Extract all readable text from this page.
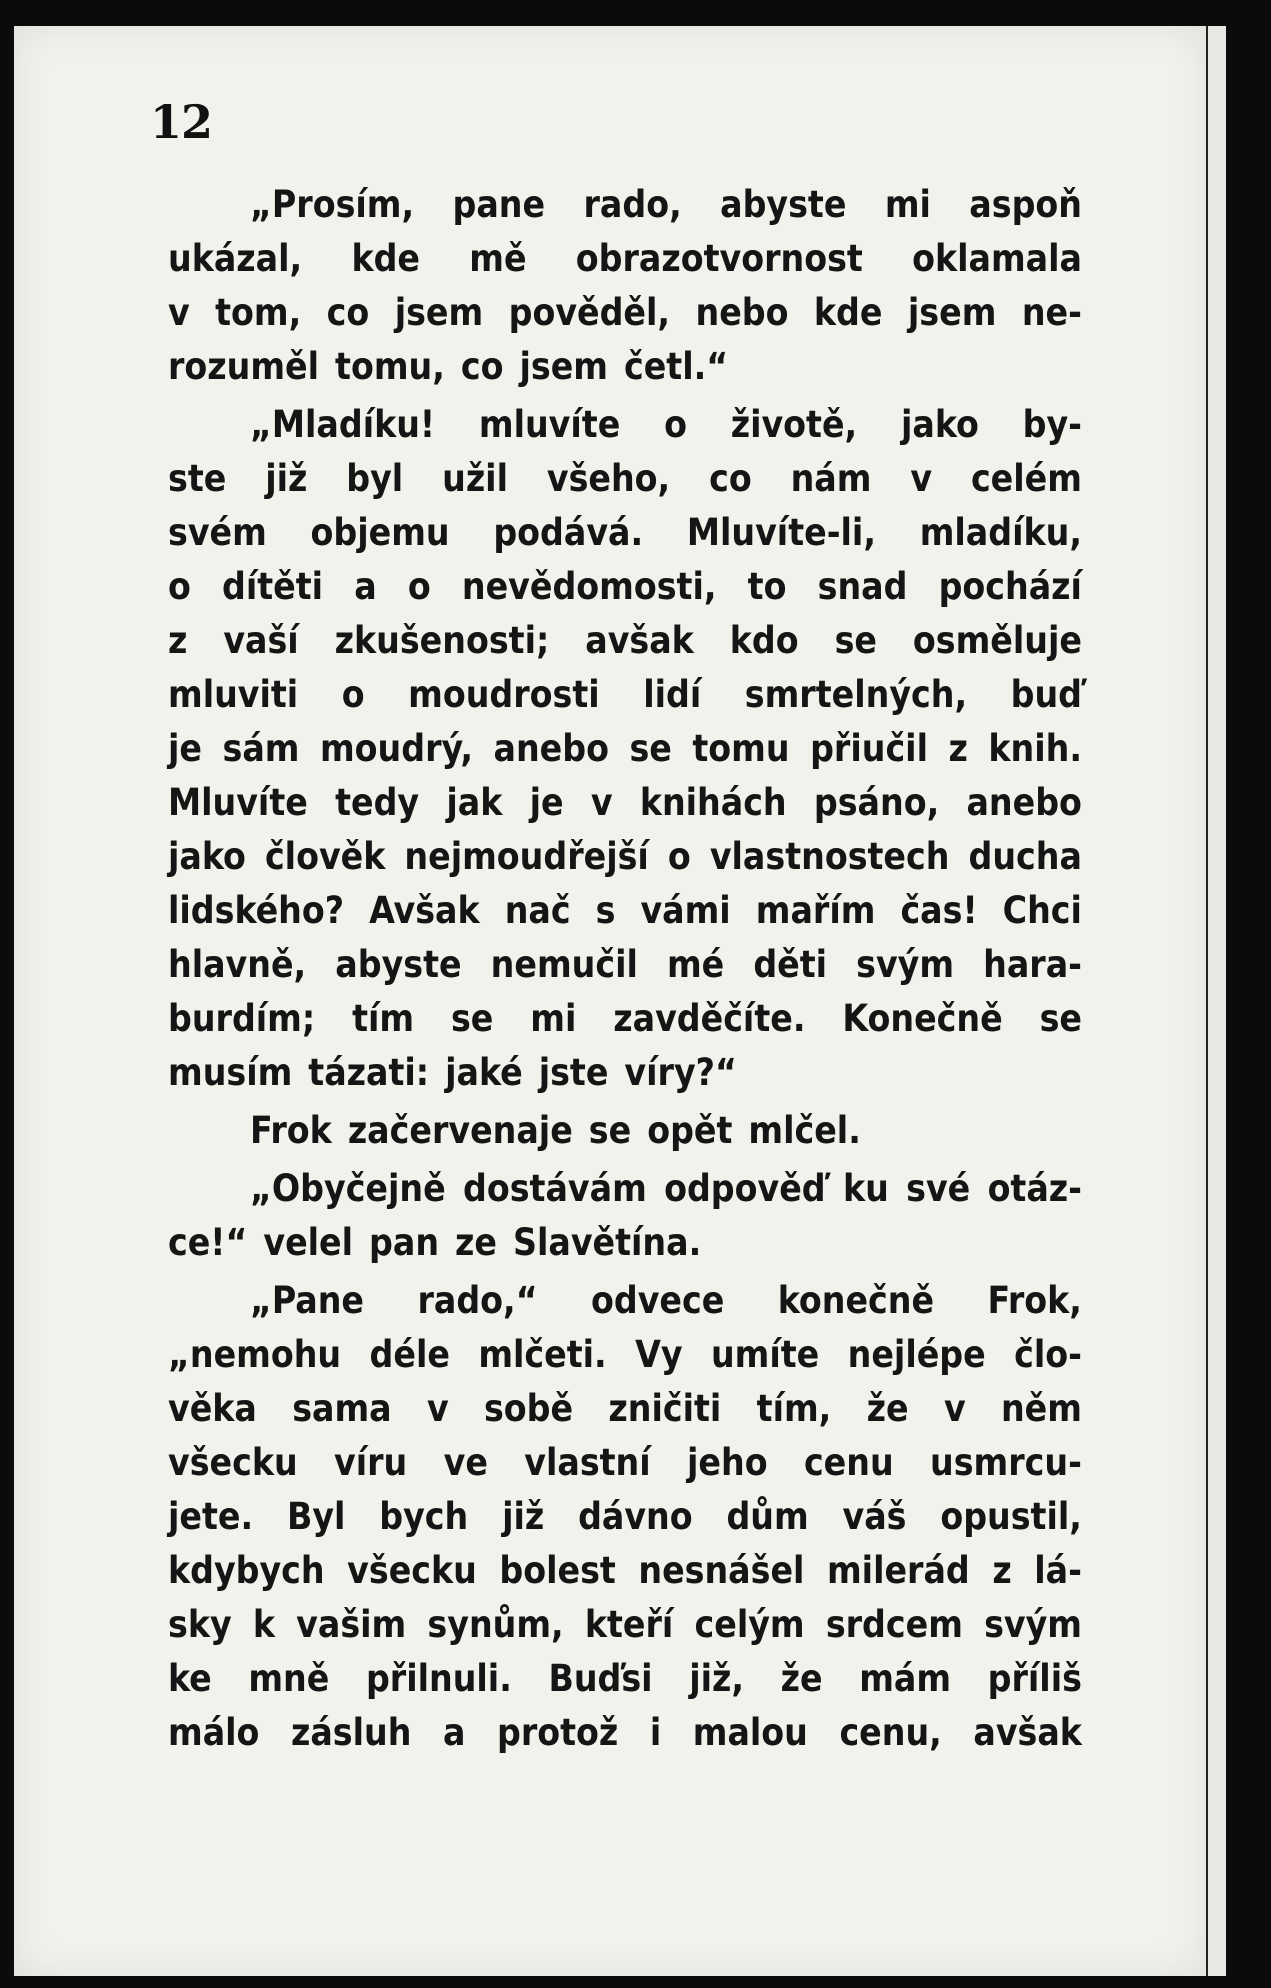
12
„Prosím, pane rado, abyste mi aspoň
ukázal, kde mě obrazotvornost oklamala
v tom, co jsem pověděl, nebo kde jsem ne-
rozuměl tomu, co jsem četl.“
„Mladíku! mluvíte o životě, jako by-
ste již byl užil všeho, co nám v celém
svém objemu podává. Mluvíte-li, mladíku,
o dítěti a o nevědomosti, to snad pochází
z vaší zkušenosti; avšak kdo se osměluje
mluviti o moudrosti lidí smrtelných, buď
je sám moudrý, anebo se tomu přiučil z knih.
Mluvíte tedy jak je v knihách psáno, anebo
jako člověk nejmoudřejší o vlastnostech ducha
lidského? Avšak nač s vámi mařím čas! Chci
hlavně, abyste nemučil mé děti svým hara-
burdím; tím se mi zavděčíte. Konečně se
musím tázati: jaké jste víry?“
Frok začervenaje se opět mlčel.
„Obyčejně dostávám odpověď ku své otáz-
ce!“ velel pan ze Slavětína.
„Pane rado,“ odvece konečně Frok,
„nemohu déle mlčeti. Vy umíte nejlépe člo-
věka sama v sobě zničiti tím, že v něm
všecku víru ve vlastní jeho cenu usmrcu-
jete. Byl bych již dávno dům váš opustil,
kdybych všecku bolest nesnášel milerád z lá-
sky k vašim synům, kteří celým srdcem svým
ke mně přilnuli. Buďsi již, že mám příliš
málo zásluh a protož i malou cenu, avšak
